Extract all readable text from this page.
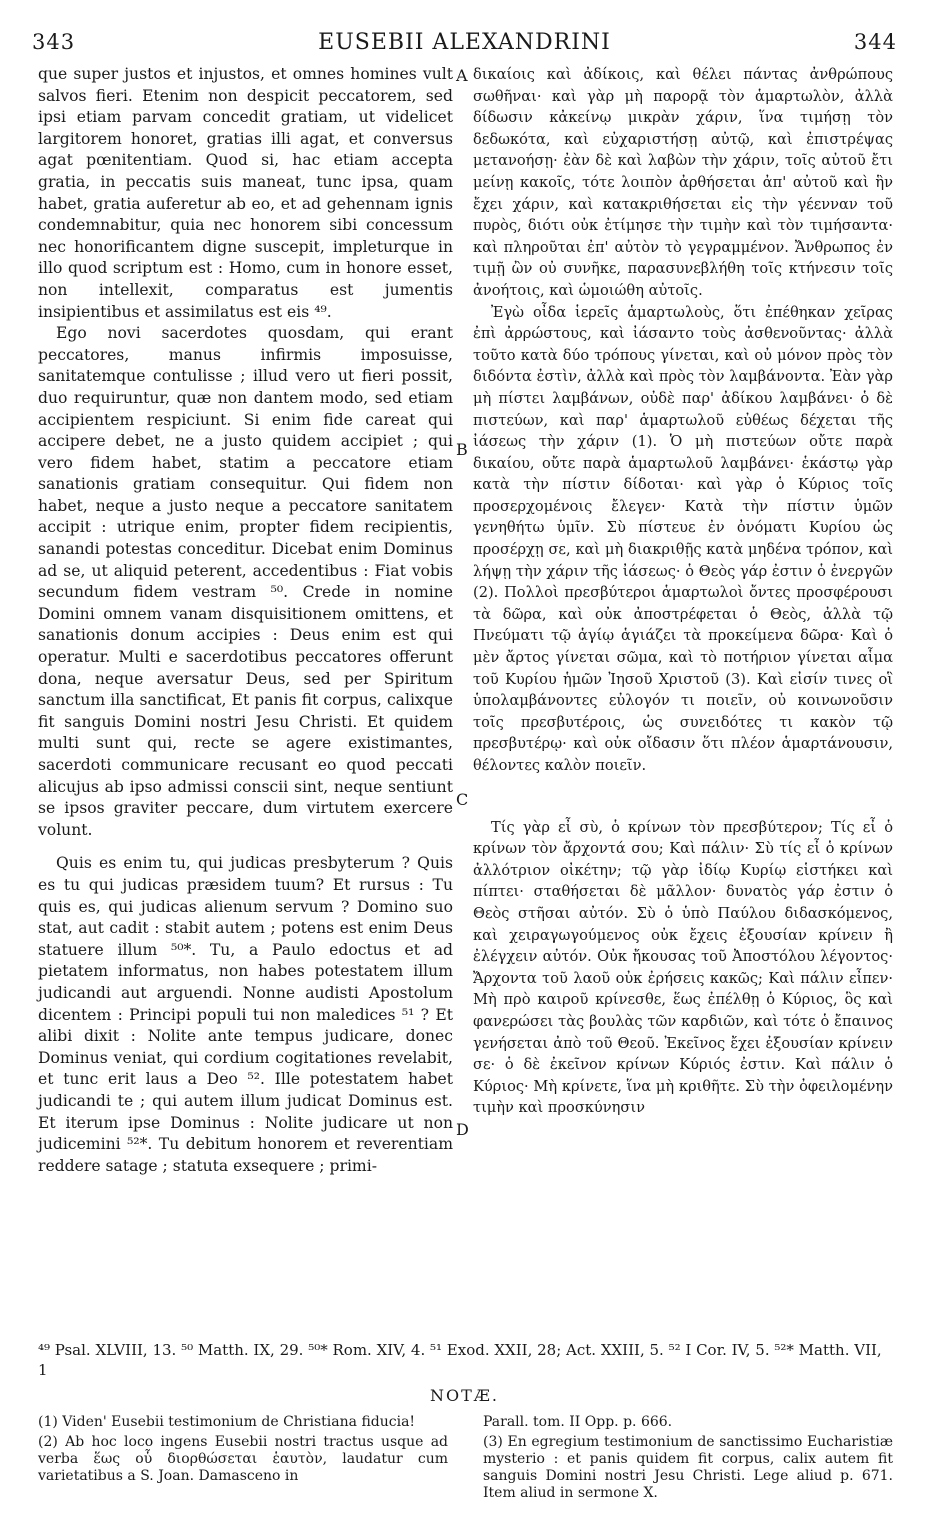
343	EUSEBII ALEXANDRINI	344

que super justos et injustos, et omnes homines vult salvos fieri. Etenim non despicit peccatorem, sed ipsi etiam parvam concedit gratiam, ut videlicet largitorem honoret, gratias illi agat, et conversus agat pœnitentiam. Quod si, hac etiam accepta gratia, in peccatis suis maneat, tunc ipsa, quam habet, gratia auferetur ab eo, et ad gehennam ignis condemnabitur, quia nec honorem sibi concessum nec honorificantem digne suscepit, impleturque in illo quod scriptum est : Homo, cum in honore esset, non intellexit, comparatus est jumentis insipientibus et assimilatus est eis ⁴⁹.

Ego novi sacerdotes quosdam, qui erant peccatores, manus infirmis imposuisse, sanitatemque contulisse ; illud vero ut fieri possit, duo requiruntur, quæ non dantem modo, sed etiam accipientem respiciunt. Si enim fide careat qui accipere debet, ne a justo quidem accipiet ; qui vero fidem habet, statim a peccatore etiam sanationis gratiam consequitur. Qui fidem non habet, neque a justo neque a peccatore sanitatem accipit : utrique enim, propter fidem recipientis, sanandi potestas conceditur. Dicebat enim Dominus ad se, ut aliquid peterent, accedentibus : Fiat vobis secundum fidem vestram ⁵⁰. Crede in nomine Domini omnem vanam disquisitionem omittens, et sanationis donum accipies : Deus enim est qui operatur. Multi e sacerdotibus peccatores offerunt dona, neque aversatur Deus, sed per Spiritum sanctum illa sanctificat, Et panis fit corpus, calixque fit sanguis Domini nostri Jesu Christi. Et quidem multi sunt qui, recte se agere existimantes, sacerdoti communicare recusant eo quod peccati alicujus ab ipso admissi conscii sint, neque sentiunt se ipsos graviter peccare, dum virtutem exercere volunt.

Quis es enim tu, qui judicas presbyterum ? Quis es tu qui judicas præsidem tuum? Et rursus : Tu quis es, qui judicas alienum servum ? Domino suo stat, aut cadit : stabit autem ; potens est enim Deus statuere illum ⁵⁰*. Tu, a Paulo edoctus et ad pietatem informatus, non habes potestatem illum judicandi aut arguendi. Nonne audisti Apostolum dicentem : Principi populi tui non maledices ⁵¹ ? Et alibi dixit : Nolite ante tempus judicare, donec Dominus veniat, qui cordium cogitationes revelabit, et tunc erit laus a Deo ⁵². Ille potestatem habet judicandi te ; qui autem illum judicat Dominus est. Et iterum ipse Dominus : Nolite judicare ut non judicemini ⁵²*. Tu debitum honorem et reverentiam reddere satage ; statuta exsequere ; primi-

A
B
C
D

δικαίοις καὶ ἀδίκοις, καὶ θέλει πάντας ἀνθρώπους σωθῆναι· καὶ γὰρ μὴ παρορᾷ τὸν ἁμαρτωλὸν, ἀλλὰ δίδωσιν κἀκείνῳ μικρὰν χάριν, ἵνα τιμήσῃ τὸν δεδωκότα, καὶ εὐχαριστήσῃ αὐτῷ, καὶ ἐπιστρέψας μετανοήσῃ· ἐὰν δὲ καὶ λαβὼν τὴν χάριν, τοῖς αὐτοῦ ἔτι μείνῃ κακοῖς, τότε λοιπὸν ἀρθήσεται ἀπ' αὐτοῦ καὶ ἣν ἔχει χάριν, καὶ κατακριθήσεται εἰς τὴν γέενναν τοῦ πυρὸς, διότι οὐκ ἐτίμησε τὴν τιμὴν καὶ τὸν τιμήσαντα· καὶ πληροῦται ἐπ' αὐτὸν τὸ γεγραμμένον. Ἄνθρωπος ἐν τιμῇ ὢν οὐ συνῆκε, παρασυνεβλήθη τοῖς κτήνεσιν τοῖς ἀνοήτοις, καὶ ὡμοιώθη αὐτοῖς.

Ἐγὼ οἶδα ἱερεῖς ἁμαρτωλοὺς, ὅτι ἐπέθηκαν χεῖρας ἐπὶ ἀρρώστους, καὶ ἰάσαντο τοὺς ἀσθενοῦντας· ἀλλὰ τοῦτο κατὰ δύο τρόπους γίνεται, καὶ οὐ μόνον πρὸς τὸν διδόντα ἐστὶν, ἀλλὰ καὶ πρὸς τὸν λαμβάνοντα. Ἐὰν γὰρ μὴ πίστει λαμβάνων, οὐδὲ παρ' ἀδίκου λαμβάνει· ὁ δὲ πιστεύων, καὶ παρ' ἁμαρτωλοῦ εὐθέως δέχεται τῆς ἰάσεως τὴν χάριν (1). Ὁ μὴ πιστεύων οὔτε παρὰ δικαίου, οὔτε παρὰ ἁμαρτωλοῦ λαμβάνει· ἑκάστῳ γὰρ κατὰ τὴν πίστιν δίδοται· καὶ γὰρ ὁ Κύριος τοῖς προσερχομένοις ἔλεγεν· Κατὰ τὴν πίστιν ὑμῶν γενηθήτω ὑμῖν. Σὺ πίστευε ἐν ὀνόματι Κυρίου ὡς προσέρχῃ σε, καὶ μὴ διακριθῇς κατὰ μηδένα τρόπον, καὶ λήψῃ τὴν χάριν τῆς ἰάσεως· ὁ Θεὸς γάρ ἐστιν ὁ ἐνεργῶν (2). Πολλοὶ πρεσβύτεροι ἁμαρτωλοὶ ὄντες προσφέρουσι τὰ δῶρα, καὶ οὐκ ἀποστρέφεται ὁ Θεὸς, ἀλλὰ τῷ Πνεύματι τῷ ἁγίῳ ἁγιάζει τὰ προκείμενα δῶρα· Καὶ ὁ μὲν ἄρτος γίνεται σῶμα, καὶ τὸ ποτήριον γίνεται αἷμα τοῦ Κυρίου ἡμῶν Ἰησοῦ Χριστοῦ (3). Καὶ εἰσίν τινες οἳ ὑπολαμβάνοντες εὐλογόν τι ποιεῖν, οὐ κοινωνοῦσιν τοῖς πρεσβυτέροις, ὡς συνειδότες τι κακὸν τῷ πρεσβυτέρῳ· καὶ οὐκ οἴδασιν ὅτι πλέον ἁμαρτάνουσιν, θέλοντες καλὸν ποιεῖν.

Τίς γὰρ εἶ σὺ, ὁ κρίνων τὸν πρεσβύτερον; Τίς εἶ ὁ κρίνων τὸν ἄρχοντά σου; Καὶ πάλιν· Σὺ τίς εἶ ὁ κρίνων ἀλλότριον οἰκέτην; τῷ γὰρ ἰδίῳ Κυρίῳ εἱστήκει καὶ πίπτει· σταθήσεται δὲ μᾶλλον· δυνατὸς γάρ ἐστιν ὁ Θεὸς στῆσαι αὐτόν. Σὺ ὁ ὑπὸ Παύλου διδασκόμενος, καὶ χειραγωγούμενος οὐκ ἔχεις ἐξουσίαν κρίνειν ἢ ἐλέγχειν αὐτόν. Οὐκ ἤκουσας τοῦ Ἀποστόλου λέγοντος· Ἄρχοντα τοῦ λαοῦ οὐκ ἐρήσεις κακῶς; Καὶ πάλιν εἶπεν· Μὴ πρὸ καιροῦ κρίνεσθε, ἕως ἐπέλθῃ ὁ Κύριος, ὃς καὶ φανερώσει τὰς βουλὰς τῶν καρδιῶν, καὶ τότε ὁ ἔπαινος γενήσεται ἀπὸ τοῦ Θεοῦ. Ἐκεῖνος ἔχει ἐξουσίαν κρίνειν σε· ὁ δὲ ἐκεῖνον κρίνων Κύριός ἐστιν. Καὶ πάλιν ὁ Κύριος· Μὴ κρίνετε, ἵνα μὴ κριθῆτε. Σὺ τὴν ὀφειλομένην τιμὴν καὶ προσκύνησιν

⁴⁹ Psal. XLVIII, 13. ⁵⁰ Matth. IX, 29. ⁵⁰* Rom. XIV, 4. ⁵¹ Exod. XXII, 28; Act. XXIII, 5. ⁵² I Cor. IV, 5. ⁵²* Matth. VII, 1
NOTÆ.

(1) Viden' Eusebii testimonium de Christiana fiducia!

(2) Ab hoc loco ingens Eusebii nostri tractus usque ad verba ἕως οὗ διορθώσεται ἑαυτὸν, laudatur cum varietatibus a S. Joan. Damasceno in

Parall. tom. II Opp. p. 666.

(3) En egregium testimonium de sanctissimo Eucharistiæ mysterio : et panis quidem fit corpus, calix autem fit sanguis Domini nostri Jesu Christi. Lege aliud p. 671. Item aliud in sermone X.
